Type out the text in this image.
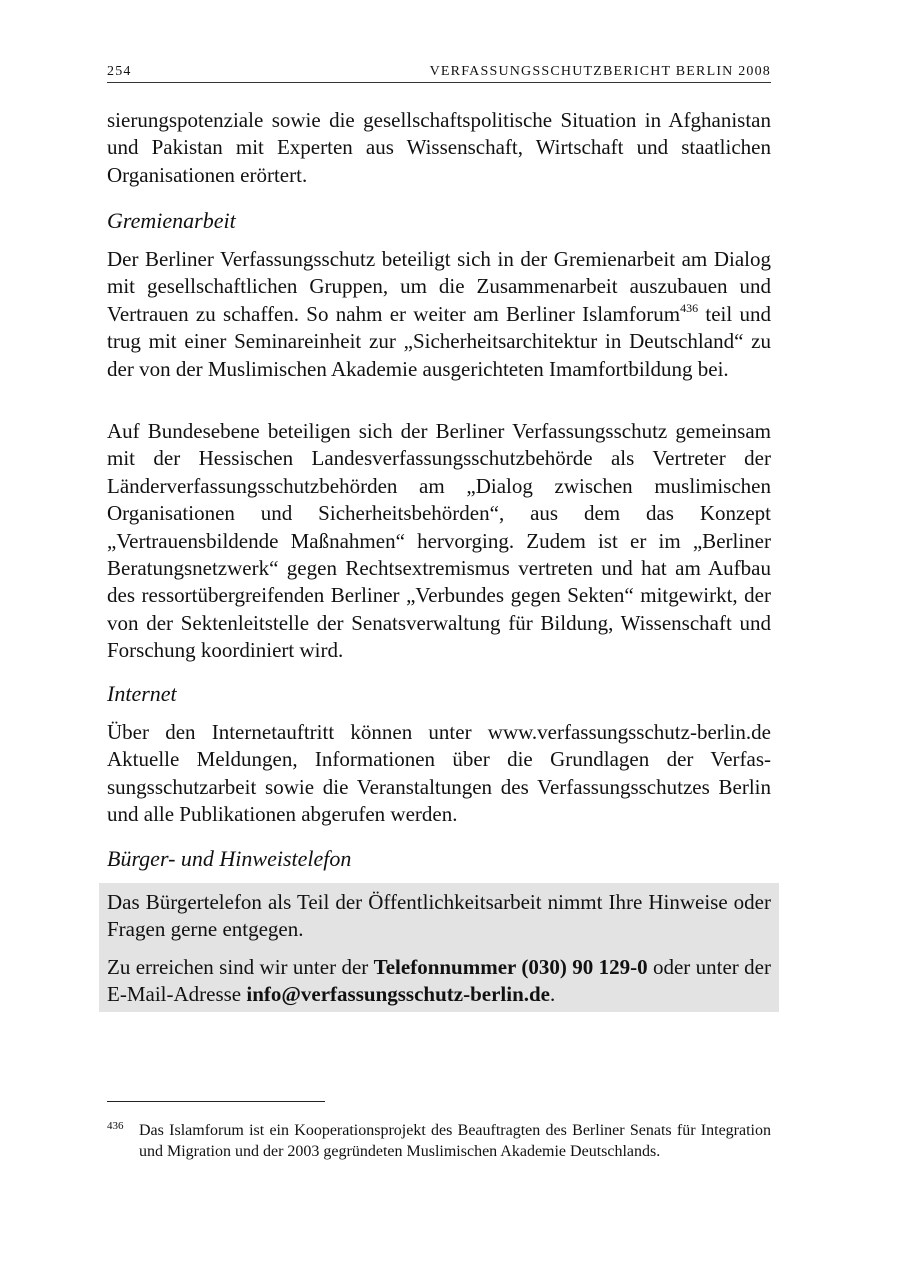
254	VERFASSUNGSSCHUTZBERICHT BERLIN 2008

sierungspotenziale sowie die gesellschaftspolitische Situation in Afghanistan und Pakistan mit Experten aus Wissenschaft, Wirtschaft und staatlichen Organisationen erörtert.

Gremienarbeit

Der Berliner Verfassungsschutz beteiligt sich in der Gremienarbeit am Dialog mit gesellschaftlichen Gruppen, um die Zusammenarbeit auszubauen und Vertrauen zu schaffen. So nahm er weiter am Berliner Islamforum$^{436}$ teil und trug mit einer Seminareinheit zur „Sicherheitsarchitektur in Deutschland“ zu der von der Muslimischen Akademie ausgerichteten Imamfortbildung bei.

Auf Bundesebene beteiligen sich der Berliner Verfassungsschutz gemeinsam mit der Hessischen Landesverfassungsschutzbehörde als Vertreter der Länderverfassungsschutzbehörden am „Dialog zwischen muslimischen Organisationen und Sicherheitsbehörden“, aus dem das Konzept „Vertrauensbildende Maßnahmen“ hervorging. Zudem ist er im „Berliner Beratungsnetzwerk“ gegen Rechtsextremismus vertreten und hat am Aufbau des ressortübergreifenden Berliner „Verbundes gegen Sekten“ mitgewirkt, der von der Sektenleitstelle der Senatsverwaltung für Bildung, Wissenschaft und Forschung koordiniert wird.

Internet

Über den Internetauftritt können unter www.verfassungsschutz-berlin.de Aktuelle Meldungen, Informationen über die Grundlagen der Verfassungsschutzarbeit sowie die Veranstaltungen des Verfassungsschutzes Berlin und alle Publikationen abgerufen werden.

Bürger- und Hinweistelefon

Das Bürgertelefon als Teil der Öffentlichkeitsarbeit nimmt Ihre Hinweise oder Fragen gerne entgegen.

Zu erreichen sind wir unter der Telefonnummer (030) 90 129-0 oder unter der E-Mail-Adresse info@verfassungsschutz-berlin.de.

436 Das Islamforum ist ein Kooperationsprojekt des Beauftragten des Berliner Senats für Integration und Migration und der 2003 gegründeten Muslimischen Akademie Deutschlands.
